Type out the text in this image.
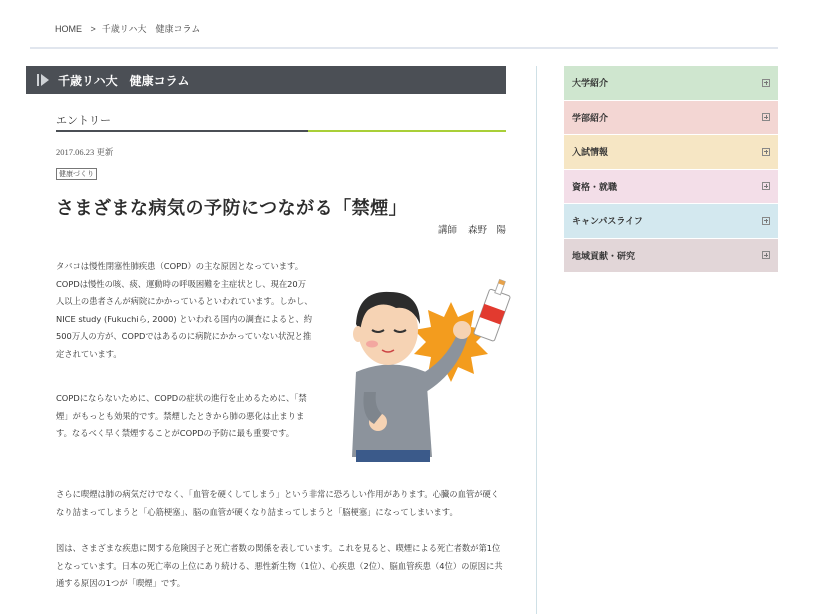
HOME > 千歳リハ大　健康コラム
千歳リハ大　健康コラム
エントリー
2017.06.23 更新
健康づくり
さまざまな病気の予防につながる「禁煙」
講師 森野　陽

タバコは慢性閉塞性肺疾患（COPD）の主な原因となっています。COPDは慢性の咳、痰、運動時の呼吸困難を主症状とし、現在20万人以上の患者さんが病院にかかっているといわれています。しかし、NICE study (Fukuchiら, 2000) といわれる国内の調査によると、約500万人の方が、COPDではあるのに病院にかかっていない状況と推定されています。

COPDにならないために、COPDの症状の進行を止めるために、「禁煙」がもっとも効果的です。禁煙したときから肺の悪化は止まります。なるべく早く禁煙することがCOPDの予防に最も重要です。

さらに喫煙は肺の病気だけでなく、「血管を硬くしてしまう」という非常に恐ろしい作用があります。心臓の血管が硬くなり詰まってしまうと「心筋梗塞」、脳の血管が硬くなり詰まってしまうと「脳梗塞」になってしまいます。

図は、さまざまな疾患に関する危険因子と死亡者数の関係を表しています。これを見ると、喫煙による死亡者数が第1位となっています。日本の死亡率の上位にあり続ける、悪性新生物（1位）、心疾患（2位）、脳血管疾患（4位）の原因に共通する原因の1つが「喫煙」です。

大学紹介
学部紹介
入試情報
資格・就職
キャンパスライフ
地域貢献・研究
